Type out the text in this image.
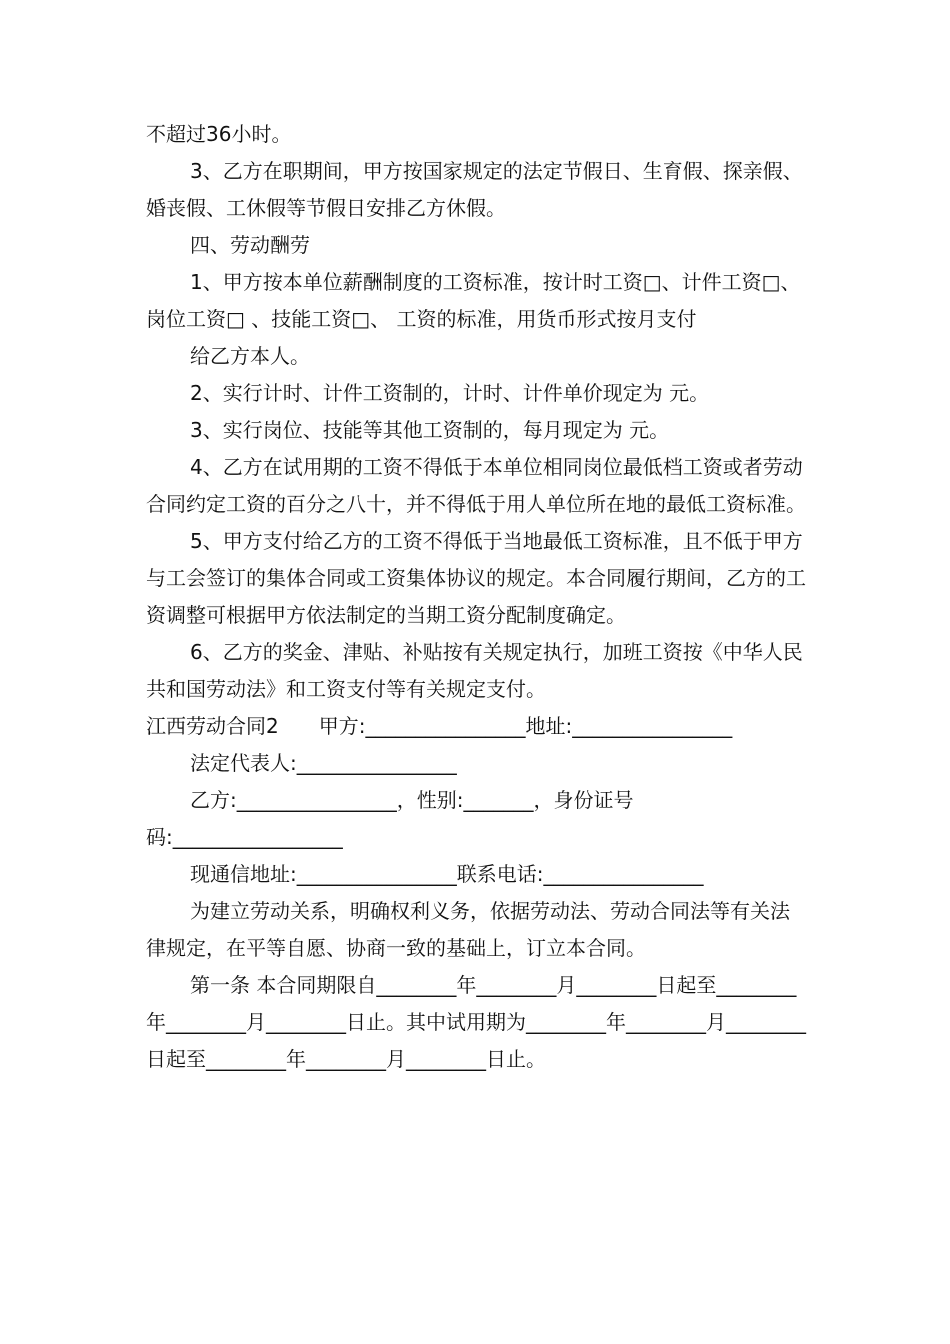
不超过36小时。

3、乙方在职期间，甲方按国家规定的法定节假日、生育假、探亲假、婚丧假、工休假等节假日安排乙方休假。

四、劳动酬劳

1、甲方按本单位薪酬制度的工资标准，按计时工资□、计件工资□、岗位工资□ 、技能工资□、 工资的标准，用货币形式按月支付

给乙方本人。

2、实行计时、计件工资制的，计时、计件单价现定为 元。

3、实行岗位、技能等其他工资制的，每月现定为 元。

4、乙方在试用期的工资不得低于本单位相同岗位最低档工资或者劳动合同约定工资的百分之八十，并不得低于用人单位所在地的最低工资标准。

5、甲方支付给乙方的工资不得低于当地最低工资标准，且不低于甲方与工会签订的集体合同或工资集体协议的规定。本合同履行期间，乙方的工资调整可根据甲方依法制定的当期工资分配制度确定。

6、乙方的奖金、津贴、补贴按有关规定执行，加班工资按《中华人民共和国劳动法》和工资支付等有关规定支付。

江西劳动合同2　　甲方:________________地址:________________

法定代表人:________________

乙方:________________，性别:_______，身份证号码:_________________

现通信地址:________________联系电话:________________

为建立劳动关系，明确权利义务，依据劳动法、劳动合同法等有关法律规定，在平等自愿、协商一致的基础上，订立本合同。

第一条 本合同期限自________年________月________日起至________年________月________日止。其中试用期为________年________月________日起至________年________月________日止。
